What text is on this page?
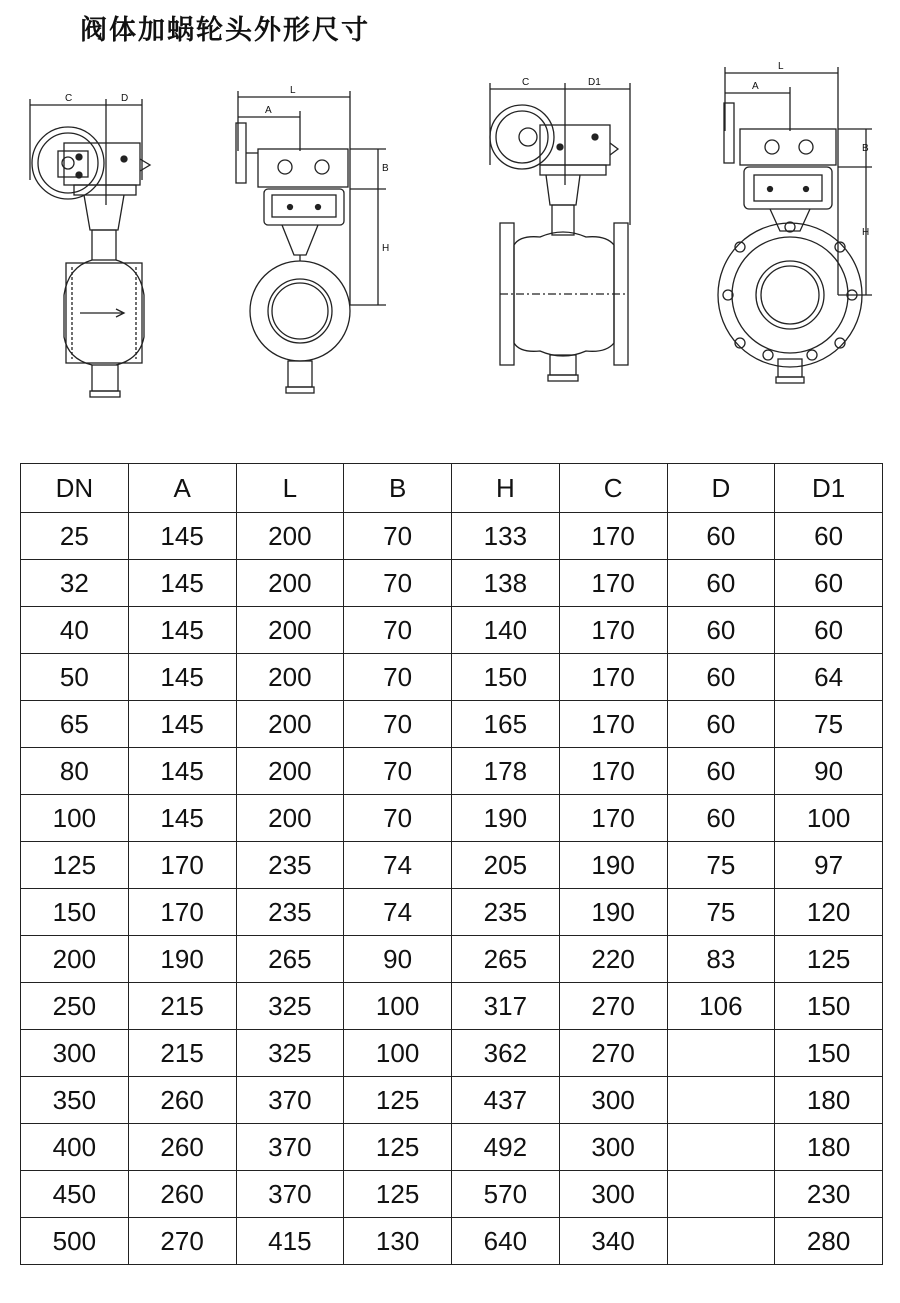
阀体加蜗轮头外形尺寸
C	D
L
A
B
H
C	D1
L
A
B
H
DN	A	L	B	H	C	D	D1
25	145	200	70	133	170	60	60
32	145	200	70	138	170	60	60
40	145	200	70	140	170	60	60
50	145	200	70	150	170	60	64
65	145	200	70	165	170	60	75
80	145	200	70	178	170	60	90
100	145	200	70	190	170	60	100
125	170	235	74	205	190	75	97
150	170	235	74	235	190	75	120
200	190	265	90	265	220	83	125
250	215	325	100	317	270	106	150
300	215	325	100	362	270		150
350	260	370	125	437	300		180
400	260	370	125	492	300		180
450	260	370	125	570	300		230
500	270	415	130	640	340		280
